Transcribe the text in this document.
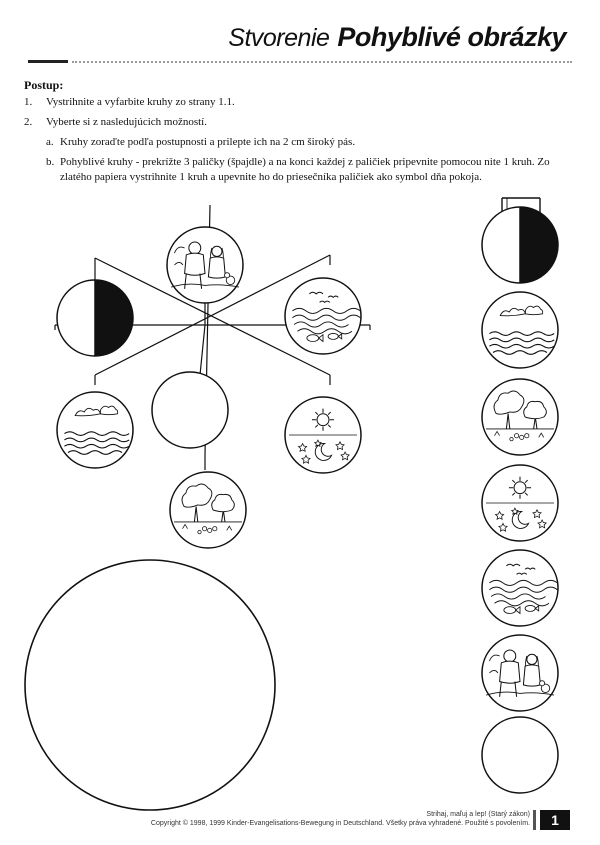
Stvorenie Pohyblivé obrázky
Postup:
1.	Vystrihnite a vyfarbite kruhy zo strany 1.1.
2.	Vyberte si z nasledujúcich možností.
a. Kruhy zoraďte podľa postupnosti a prilepte ich na 2 cm široký pás.
b. Pohyblivé kruhy - prekrížte 3 paličky (špajdle) a na konci každej z paličiek pripevnite pomocou nite 1 kruh. Zo zlatého papiera vystrihnite 1 kruh a upevnite ho do priesečníka paličiek ako symbol dňa pokoja.
Strihaj, maľuj a lep! (Starý zákon)
Copyright © 1998, 1999 Kinder-Evangelisations-Bewegung in Deutschland. Všetky práva vyhradené. Použité s povolením.	1
